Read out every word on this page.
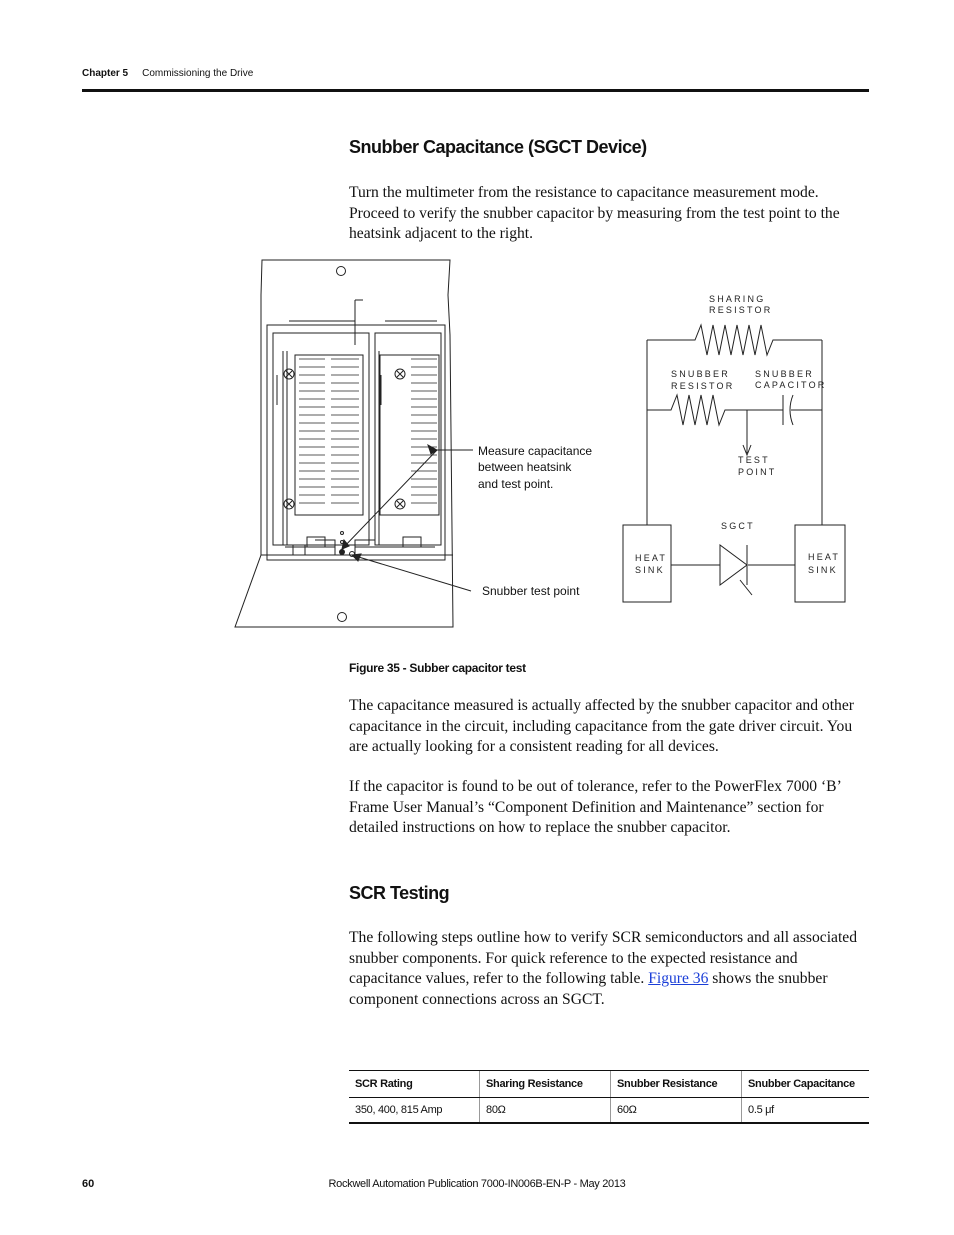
Chapter 5 Commissioning the Drive
Snubber Capacitance (SGCT Device)

Turn the multimeter from the resistance to capacitance measurement mode. Proceed to verify the snubber capacitor by measuring from the test point to the heatsink adjacent to the right.

Measure capacitance
between heatsink
and test point.
Snubber test point
SHARING
RESISTOR
SNUBBER
RESISTOR
SNUBBER
CAPACITOR
TEST
POINT
SGCT
HEAT
SINK
HEAT
SINK
Figure 35 - Subber capacitor test

The capacitance measured is actually affected by the snubber capacitor and other capacitance in the circuit, including capacitance from the gate driver circuit. You are actually looking for a consistent reading for all devices.

If the capacitor is found to be out of tolerance, refer to the PowerFlex 7000 ‘B’ Frame User Manual’s “Component Definition and Maintenance” section for detailed instructions on how to replace the snubber capacitor.

SCR Testing

The following steps outline how to verify SCR semiconductors and all associated snubber components. For quick reference to the expected resistance and capacitance values, refer to the following table. Figure 36 shows the snubber component connections across an SGCT.

SCR Rating	Sharing Resistance	Snubber Resistance	Snubber Capacitance
350, 400, 815 Amp	80Ω	60Ω	0.5 μf
Rockwell Automation Publication 7000-IN006B-EN-P - May 2013
60
